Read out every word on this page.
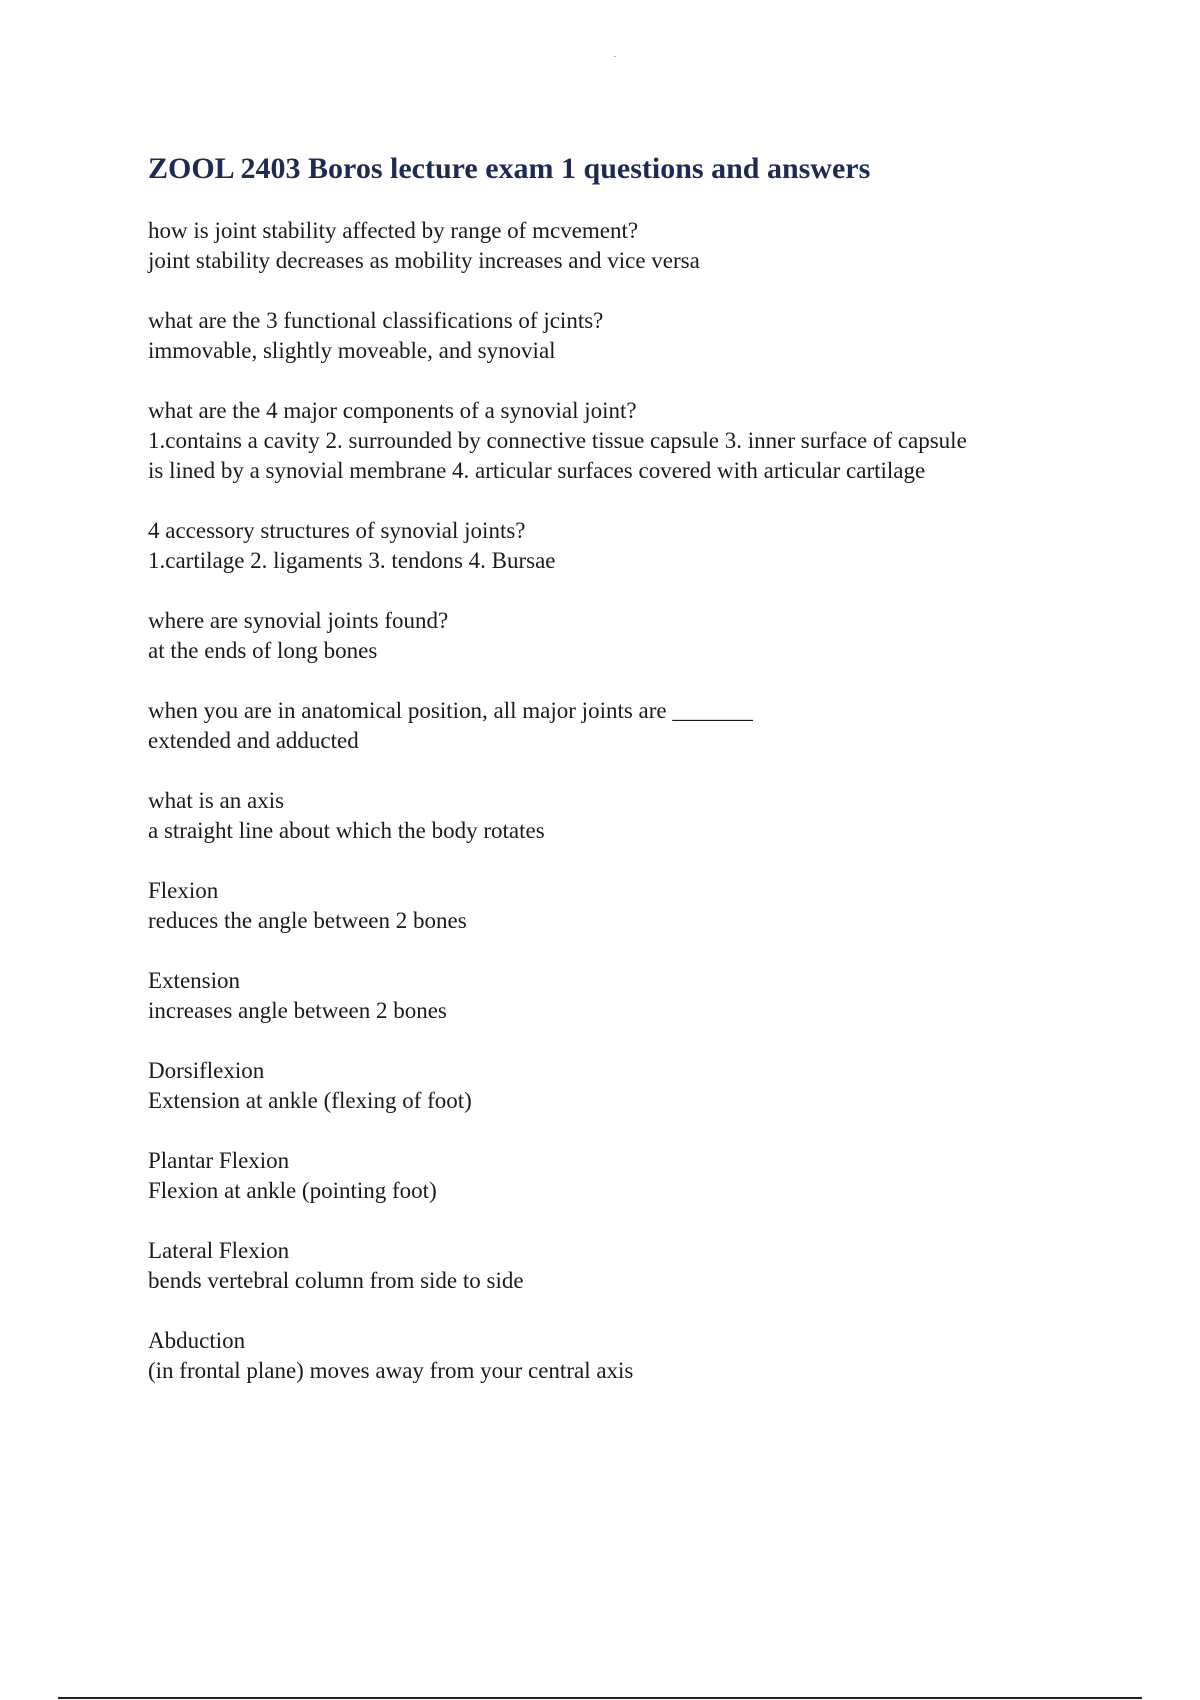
ZOOL 2403 Boros lecture exam 1 questions and answers
how is joint stability affected by range of mcvement?
joint stability decreases as mobility increases and vice versa
what are the 3 functional classifications of jcints?
immovable, slightly moveable, and synovial
what are the 4 major components of a synovial joint?
1.contains a cavity 2. surrounded by connective tissue capsule 3. inner surface of capsule
is lined by a synovial membrane 4. articular surfaces covered with articular cartilage
4 accessory structures of synovial joints?
1.cartilage 2. ligaments 3. tendons 4. Bursae
where are synovial joints found?
at the ends of long bones
when you are in anatomical position, all major joints are _______
extended and adducted
what is an axis
a straight line about which the body rotates
Flexion
reduces the angle between 2 bones
Extension
increases angle between 2 bones
Dorsiflexion
Extension at ankle (flexing of foot)
Plantar Flexion
Flexion at ankle (pointing foot)
Lateral Flexion
bends vertebral column from side to side
Abduction
(in frontal plane) moves away from your central axis
